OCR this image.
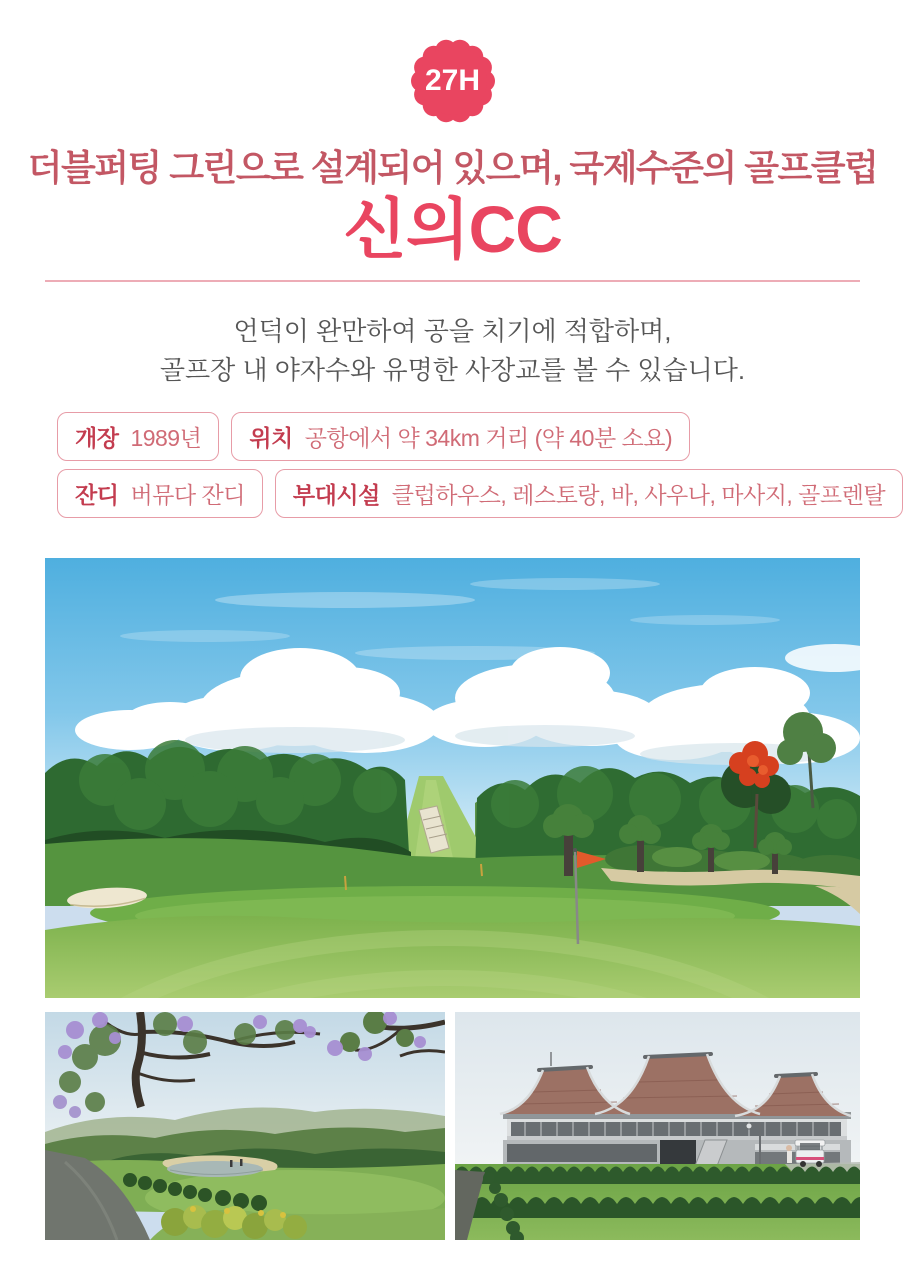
27H
더블퍼팅 그린으로 설계되어 있으며, 국제수준의 골프클럽
신의CC

언덕이 완만하여 공을 치기에 적합하며,
골프장 내 야자수와 유명한 사장교를 볼 수 있습니다.

개장 1989년 위치 공항에서 약 34km 거리 (약 40분 소요)
잔디 버뮤다 잔디 부대시설 클럽하우스, 레스토랑, 바, 사우나, 마사지, 골프렌탈
